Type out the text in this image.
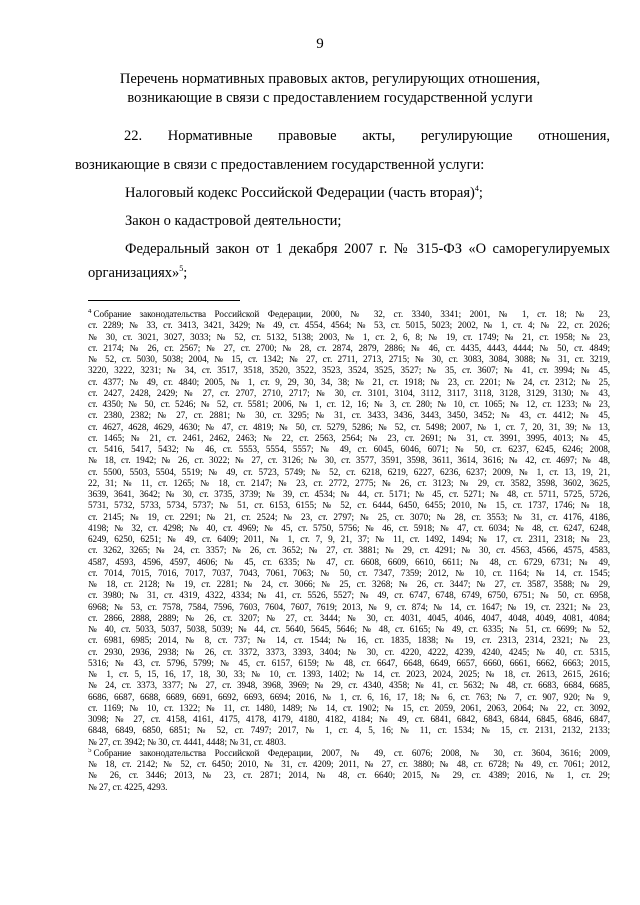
9
Перечень нормативных правовых актов, регулирующих отношения,
возникающие в связи с предоставлением государственной услуги
22. Нормативные правовые акты, регулирующие отношения,
возникающие в связи с предоставлением государственной услуги:
Налоговый кодекс Российской Федерации (часть вторая)$^4$;
Закон о кадастровой деятельности;
Федеральный закон от 1 декабря 2007 г. № 315-ФЗ «О саморегулируемых
организациях»$^5$;
$^4$ Собрание законодательства Российской Федерации, 2000, № 32, ст. 3340, 3341; 2001, № 1, ст. 18; № 23,
ст. 2289; № 33, ст. 3413, 3421, 3429; № 49, ст. 4554, 4564; № 53, ст. 5015, 5023; 2002, № 1, ст. 4; № 22, ст. 2026;
№ 30, ст. 3021, 3027, 3033; № 52, ст. 5132, 5138; 2003, № 1, ст. 2, 6, 8; № 19, ст. 1749; № 21, ст. 1958; № 23,
ст. 2174; № 26, ст. 2567; № 27, ст. 2700; № 28, ст. 2874, 2879, 2886; № 46, ст. 4435, 4443, 4444; № 50, ст. 4849;
№ 52, ст. 5030, 5038; 2004, № 15, ст. 1342; № 27, ст. 2711, 2713, 2715; № 30, ст. 3083, 3084, 3088; № 31, ст. 3219,
3220, 3222, 3231; № 34, ст. 3517, 3518, 3520, 3522, 3523, 3524, 3525, 3527; № 35, ст. 3607; № 41, ст. 3994; № 45,
ст. 4377; № 49, ст. 4840; 2005, № 1, ст. 9, 29, 30, 34, 38; № 21, ст. 1918; № 23, ст. 2201; № 24, ст. 2312; № 25,
ст. 2427, 2428, 2429; № 27, ст. 2707, 2710, 2717; № 30, ст. 3101, 3104, 3112, 3117, 3118, 3128, 3129, 3130; № 43,
ст. 4350; № 50, ст. 5246; № 52, ст. 5581; 2006, № 1, ст. 12, 16; № 3, ст. 280; № 10, ст. 1065; № 12, ст. 1233; № 23,
ст. 2380, 2382; № 27, ст. 2881; № 30, ст. 3295; № 31, ст. 3433, 3436, 3443, 3450, 3452; № 43, ст. 4412; № 45,
ст. 4627, 4628, 4629, 4630; № 47, ст. 4819; № 50, ст. 5279, 5286; № 52, ст. 5498; 2007, № 1, ст. 7, 20, 31, 39; № 13,
ст. 1465; № 21, ст. 2461, 2462, 2463; № 22, ст. 2563, 2564; № 23, ст. 2691; № 31, ст. 3991, 3995, 4013; № 45,
ст. 5416, 5417, 5432; № 46, ст. 5553, 5554, 5557; № 49, ст. 6045, 6046, 6071; № 50, ст. 6237, 6245, 6246; 2008,
№ 18, ст. 1942; № 26, ст. 3022; № 27, ст. 3126; № 30, ст. 3577, 3591, 3598, 3611, 3614, 3616; № 42, ст. 4697; № 48,
ст. 5500, 5503, 5504, 5519; № 49, ст. 5723, 5749; № 52, ст. 6218, 6219, 6227, 6236, 6237; 2009, № 1, ст. 13, 19, 21,
22, 31; № 11, ст. 1265; № 18, ст. 2147; № 23, ст. 2772, 2775; № 26, ст. 3123; № 29, ст. 3582, 3598, 3602, 3625,
3639, 3641, 3642; № 30, ст. 3735, 3739; № 39, ст. 4534; № 44, ст. 5171; № 45, ст. 5271; № 48, ст. 5711, 5725, 5726,
5731, 5732, 5733, 5734, 5737; № 51, ст. 6153, 6155; № 52, ст. 6444, 6450, 6455; 2010, № 15, ст. 1737, 1746; № 18,
ст. 2145; № 19, ст. 2291; № 21, ст. 2524; № 23, ст. 2797; № 25, ст. 3070; № 28, ст. 3553; № 31, ст. 4176, 4186,
4198; № 32, ст. 4298; № 40, ст. 4969; № 45, ст. 5750, 5756; № 46, ст. 5918; № 47, ст. 6034; № 48, ст. 6247, 6248,
6249, 6250, 6251; № 49, ст. 6409; 2011, № 1, ст. 7, 9, 21, 37; № 11, ст. 1492, 1494; № 17, ст. 2311, 2318; № 23,
ст. 3262, 3265; № 24, ст. 3357; № 26, ст. 3652; № 27, ст. 3881; № 29, ст. 4291; № 30, ст. 4563, 4566, 4575, 4583,
4587, 4593, 4596, 4597, 4606; № 45, ст. 6335; № 47, ст. 6608, 6609, 6610, 6611; № 48, ст. 6729, 6731; № 49,
ст. 7014, 7015, 7016, 7017, 7037, 7043, 7061, 7063; № 50, ст. 7347, 7359; 2012, № 10, ст. 1164; № 14, ст. 1545;
№ 18, ст. 2128; № 19, ст. 2281; № 24, ст. 3066; № 25, ст. 3268; № 26, ст. 3447; № 27, ст. 3587, 3588; № 29,
ст. 3980; № 31, ст. 4319, 4322, 4334; № 41, ст. 5526, 5527; № 49, ст. 6747, 6748, 6749, 6750, 6751; № 50, ст. 6958,
6968; № 53, ст. 7578, 7584, 7596, 7603, 7604, 7607, 7619; 2013, № 9, ст. 874; № 14, ст. 1647; № 19, ст. 2321; № 23,
ст. 2866, 2888, 2889; № 26, ст. 3207; № 27, ст. 3444; № 30, ст. 4031, 4045, 4046, 4047, 4048, 4049, 4081, 4084;
№ 40, ст. 5033, 5037, 5038, 5039; № 44, ст. 5640, 5645, 5646; № 48, ст. 6165; № 49, ст. 6335; № 51, ст. 6699; № 52,
ст. 6981, 6985; 2014, № 8, ст. 737; № 14, ст. 1544; № 16, ст. 1835, 1838; № 19, ст. 2313, 2314, 2321; № 23,
ст. 2930, 2936, 2938; № 26, ст. 3372, 3373, 3393, 3404; № 30, ст. 4220, 4222, 4239, 4240, 4245; № 40, ст. 5315,
5316; № 43, ст. 5796, 5799; № 45, ст. 6157, 6159; № 48, ст. 6647, 6648, 6649, 6657, 6660, 6661, 6662, 6663; 2015,
№ 1, ст. 5, 15, 16, 17, 18, 30, 33; № 10, ст. 1393, 1402; № 14, ст. 2023, 2024, 2025; № 18, ст. 2613, 2615, 2616;
№ 24, ст. 3373, 3377; № 27, ст. 3948, 3968, 3969; № 29, ст. 4340, 4358; № 41, ст. 5632; № 48, ст. 6683, 6684, 6685,
6686, 6687, 6688, 6689, 6691, 6692, 6693, 6694; 2016, № 1, ст. 6, 16, 17, 18; № 6, ст. 763; № 7, ст. 907, 920; № 9,
ст. 1169; № 10, ст. 1322; № 11, ст. 1480, 1489; № 14, ст. 1902; № 15, ст. 2059, 2061, 2063, 2064; № 22, ст. 3092,
3098; № 27, ст. 4158, 4161, 4175, 4178, 4179, 4180, 4182, 4184; № 49, ст. 6841, 6842, 6843, 6844, 6845, 6846, 6847,
6848, 6849, 6850, 6851; № 52, ст. 7497; 2017, № 1, ст. 4, 5, 16; № 11, ст. 1534; № 15, ст. 2131, 2132, 2133;
№ 27, ст. 3942; № 30, ст. 4441, 4448; № 31, ст. 4803.
$^5$ Собрание законодательства Российской Федерации, 2007, № 49, ст. 6076; 2008, № 30, ст. 3604, 3616; 2009,
№ 18, ст. 2142; № 52, ст. 6450; 2010, № 31, ст. 4209; 2011, № 27, ст. 3880; № 48, ст. 6728; № 49, ст. 7061; 2012,
№ 26, ст. 3446; 2013, № 23, ст. 2871; 2014, № 48, ст. 6640; 2015, № 29, ст. 4389; 2016, № 1, ст. 29;
№ 27, ст. 4225, 4293.
